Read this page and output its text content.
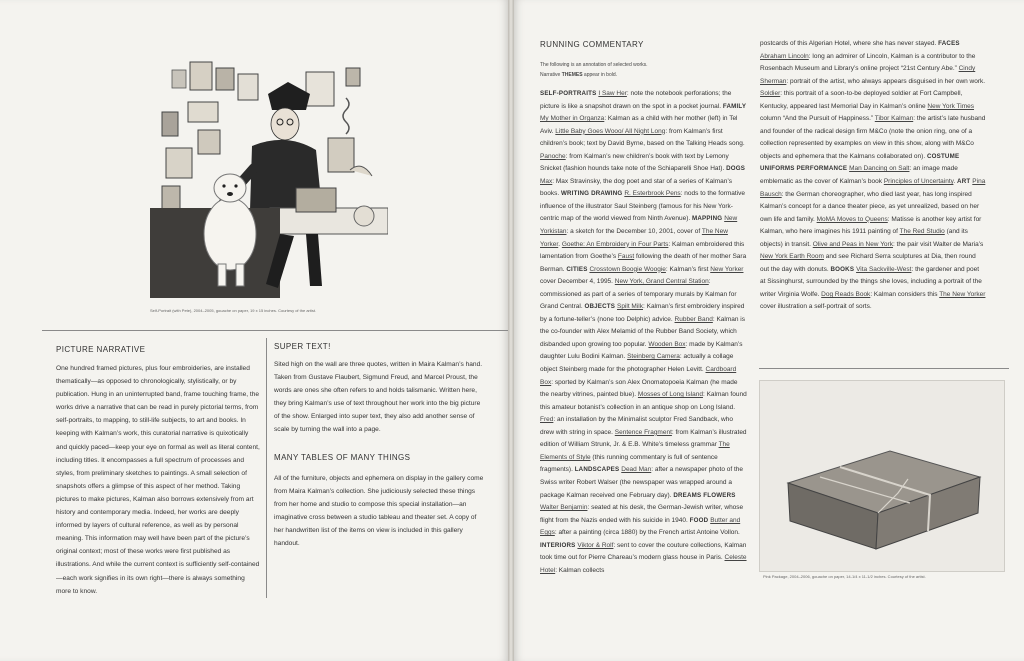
Self-Portrait (with Pete), 2004–2005, gouache on paper, 19 x 15 inches. Courtesy of the artist.
PICTURE NARRATIVE
One hundred framed pictures, plus four embroideries, are installed thematically—as opposed to chronologically, stylistically, or by publication. Hung in an uninterrupted band, frame touching frame, the works drive a narrative that can be read in purely pictorial terms, from self-portraits, to mapping, to still-life subjects, to art and books. In keeping with Kalman’s work, this curatorial narrative is quixotically and quickly paced—keep your eye on formal as well as literal content, including titles. It encompasses a full spectrum of processes and styles, from preliminary sketches to paintings. A small selection of snapshots offers a glimpse of this aspect of her method. Taking pictures to make pictures, Kalman also borrows extensively from art history and contemporary media. Indeed, her works are deeply informed by layers of cultural reference, as well as by personal meaning. This information may well have been part of the picture’s original context; most of these works were first published as illustrations. And while the current context is sufficiently self-contained—each work signifies in its own right—there is always something more to know.
SUPER TEXT!
Sited high on the wall are three quotes, written in Maira Kalman’s hand. Taken from Gustave Flaubert, Sigmund Freud, and Marcel Proust, the words are ones she often refers to and holds talismanic. Written here, they bring Kalman’s use of text throughout her work into the big picture of the show. Enlarged into super text, they also add another sense of scale by turning the wall into a page.
MANY TABLES OF MANY THINGS
All of the furniture, objects and ephemera on display in the gallery come from Maira Kalman’s collection. She judiciously selected these things from her home and studio to compose this special installation—an imaginative cross between a studio tableau and theater set. A copy of her handwritten list of the items on view is included in this gallery handout.
RUNNING COMMENTARY
The following is an annotation of selected works.
Narrative THEMES appear in bold.
SELF-PORTRAITS I Saw Her: note the notebook perforations; the picture is like a snapshot drawn on the spot in a pocket journal. FAMILY My Mother in Organza: Kalman as a child with her mother (left) in Tel Aviv. Little Baby Goes Wooo/ All Night Long: from Kalman’s first children’s book; text by David Byrne, based on the Talking Heads song. Panoche: from Kalman’s new children’s book with text by Lemony Snicket (fashion hounds take note of the Schiaparelli Shoe Hat). DOGS Max: Max Stravinsky, the dog poet and star of a series of Kalman’s books. WRITING DRAWING R. Esterbrook Pens: nods to the formative influence of the illustrator Saul Steinberg (famous for his New York-centric map of the world viewed from Ninth Avenue). MAPPING New Yorkistan: a sketch for the December 10, 2001, cover of The New Yorker. Goethe: An Embroidery in Four Parts: Kalman embroidered this lamentation from Goethe’s Faust following the death of her mother Sara Berman. CITIES Crosstown Boogie Woogie: Kalman’s first New Yorker cover December 4, 1995. New York, Grand Central Station: commissioned as part of a series of temporary murals by Kalman for Grand Central. OBJECTS Spilt Milk: Kalman’s first embroidery inspired by a fortune-teller’s (none too Delphic) advice. Rubber Band: Kalman is the co-founder with Alex Melamid of the Rubber Band Society, which disbanded upon growing too popular. Wooden Box: made by Kalman’s daughter Lulu Bodini Kalman. Steinberg Camera: actually a collage object Steinberg made for the photographer Helen Levitt. Cardboard Box: sported by Kalman’s son Alex Onomatopoeia Kalman (he made the nearby vitrines, painted blue). Mosses of Long Island: Kalman found this amateur botanist’s collection in an antique shop on Long Island. Fred: an installation by the Minimalist sculptor Fred Sandback, who drew with string in space. Sentence Fragment: from Kalman’s illustrated edition of William Strunk, Jr. & E.B. White’s timeless grammar The Elements of Style (this running commentary is full of sentence fragments). LANDSCAPES Dead Man: after a newspaper photo of the Swiss writer Robert Walser (the newspaper was wrapped around a package Kalman received one February day). DREAMS FLOWERS Walter Benjamin: seated at his desk, the German-Jewish writer, whose flight from the Nazis ended with his suicide in 1940. FOOD Butter and Eggs: after a painting (circa 1880) by the French artist Antoine Vollon. INTERIORS Viktor & Rolf: sent to cover the couture collections, Kalman took time out for Pierre Chareau’s modern glass house in Paris. Celeste Hotel: Kalman collects
postcards of this Algerian Hotel, where she has never stayed. FACES Abraham Lincoln: long an admirer of Lincoln, Kalman is a contributor to the Rosenbach Museum and Library’s online project “21st Century Abe.” Cindy Sherman: portrait of the artist, who always appears disguised in her own work. Soldier: this portrait of a soon-to-be deployed soldier at Fort Campbell, Kentucky, appeared last Memorial Day in Kalman’s online New York Times column “And the Pursuit of Happiness.” Tibor Kalman: the artist’s late husband and founder of the radical design firm M&Co (note the onion ring, one of a collection represented by examples on view in this show, along with M&Co objects and ephemera that the Kalmans collaborated on). COSTUME UNIFORMS PERFORMANCE Man Dancing on Salt: an image made emblematic as the cover of Kalman’s book Principles of Uncertainty. ART Pina Bausch: the German choreographer, who died last year, has long inspired Kalman’s concept for a dance theater piece, as yet unrealized, based on her own life and family. MoMA Moves to Queens: Matisse is another key artist for Kalman, who here imagines his 1911 painting of The Red Studio (and its objects) in transit. Olive and Peas in New York: the pair visit Walter de Maria’s New York Earth Room and see Richard Serra sculptures at Dia, then round out the day with donuts. BOOKS Vita Sackville-West: the gardener and poet at Sissinghurst, surrounded by the things she loves, including a portrait of the writer Virginia Wolfe. Dog Reads Book: Kalman considers this The New Yorker cover illustration a self-portrait of sorts.
Pink Package, 2004–2006, gouache on paper, 14-1/4 x 11-1/2 inches. Courtesy of the artist.
